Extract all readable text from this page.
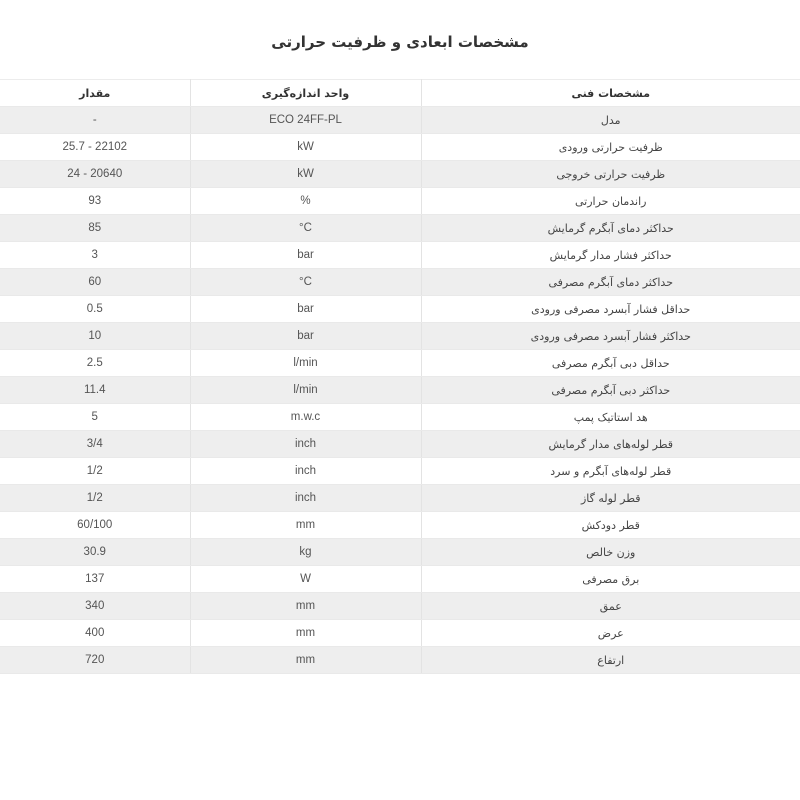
مشخصات ابعادی و ظرفیت حرارتی
مشخصات فنی	واحد اندازه‌گیری	مقدار
مدل	ECO 24FF-PL	-
ظرفیت حرارتی ورودی	kW	25.7 - 22102
ظرفیت حرارتی خروجی	kW	24 - 20640
راندمان حرارتی	%	93
حداکثر دمای آبگرم گرمایش	°C	85
حداکثر فشار مدار گرمایش	bar	3
حداکثر دمای آبگرم مصرفی	°C	60
حداقل فشار آبسرد مصرفی ورودی	bar	0.5
حداکثر فشار آبسرد مصرفی ورودی	bar	10
حداقل دبی آبگرم مصرفی	l/min	2.5
حداکثر دبی آبگرم مصرفی	l/min	11.4
هد استاتیک پمپ	m.w.c	5
قطر لوله‌های مدار گرمایش	inch	3/4
قطر لوله‌های آبگرم و سرد	inch	1/2
قطر لوله گاز	inch	1/2
قطر دودکش	mm	60/100
وزن خالص	kg	30.9
برق مصرفی	W	137
عمق	mm	340
عرض	mm	400
ارتفاع	mm	720
